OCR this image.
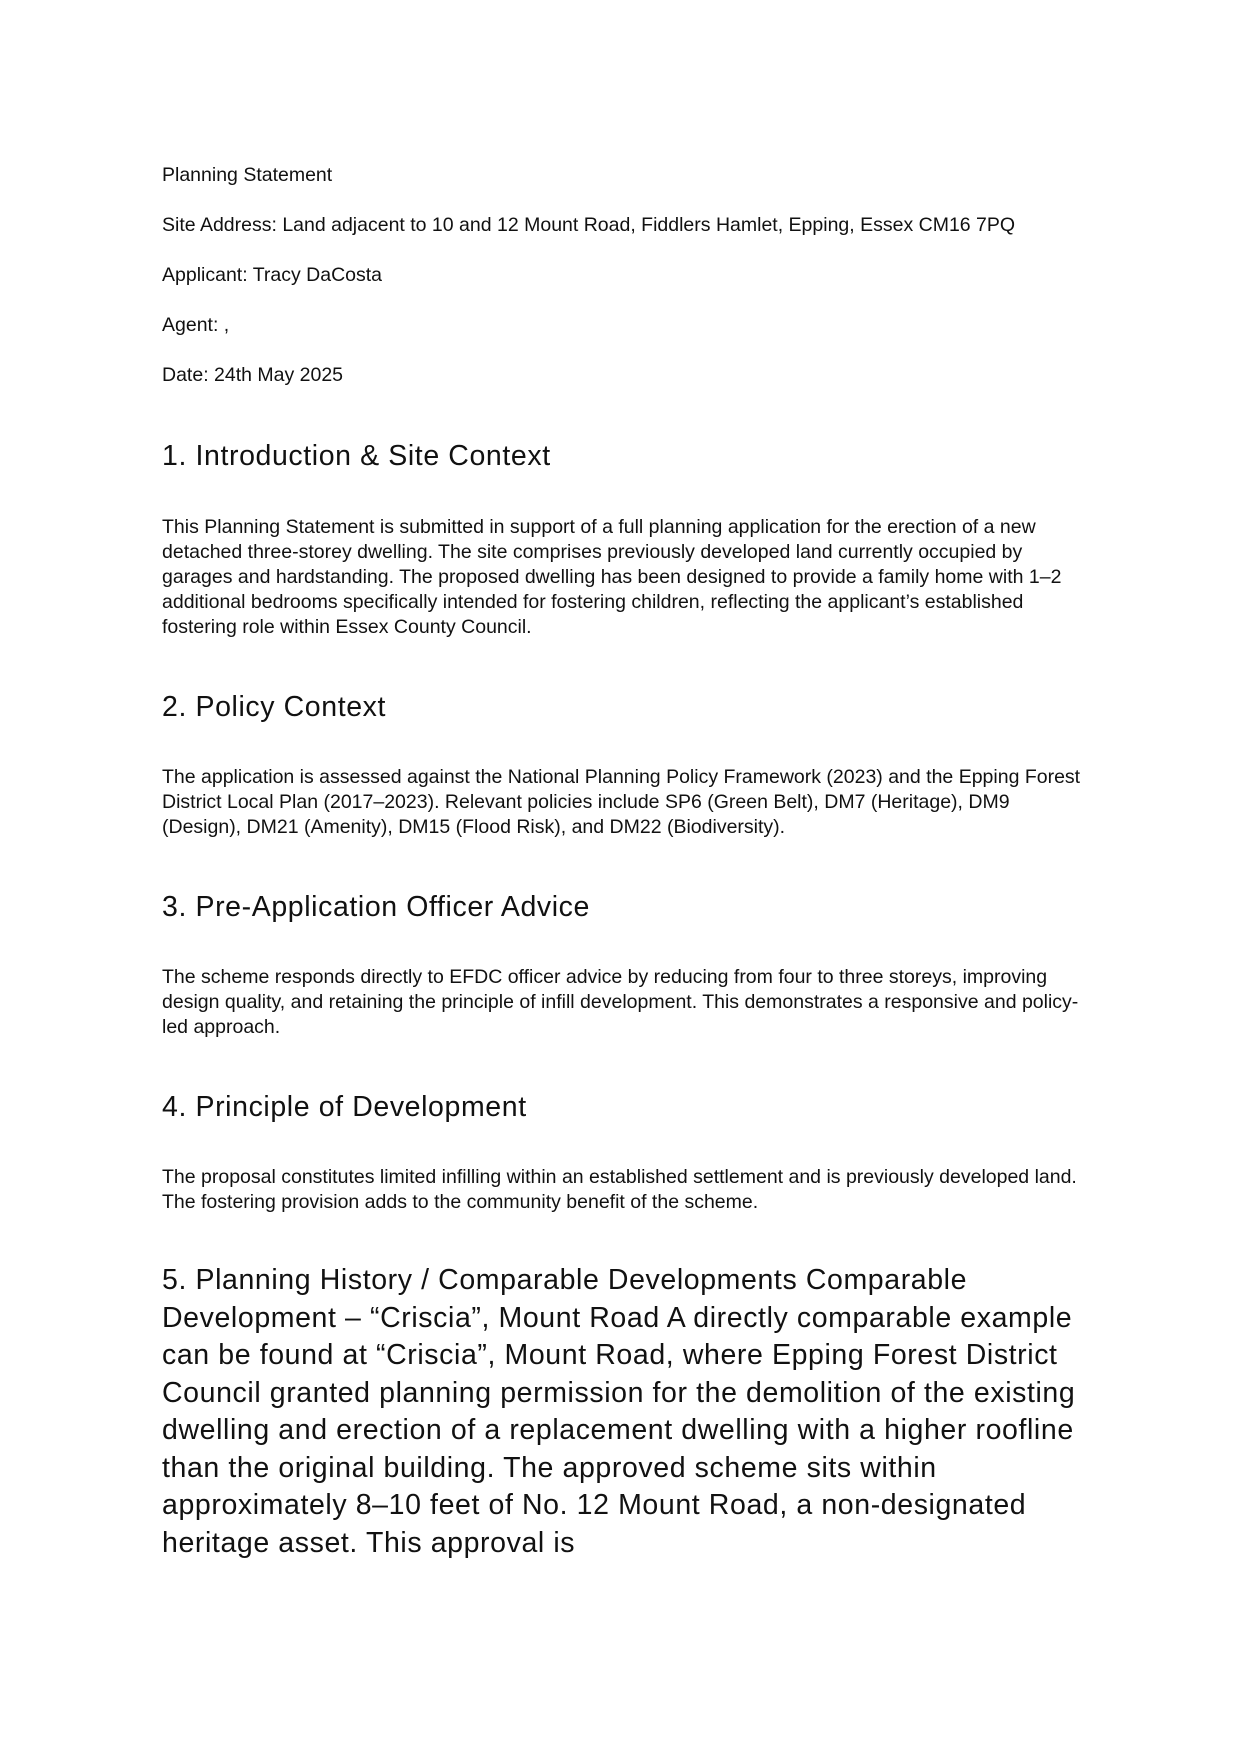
Planning Statement
Site Address: Land adjacent to 10 and 12 Mount Road, Fiddlers Hamlet, Epping, Essex CM16 7PQ
Applicant: Tracy DaCosta
Agent: ,
Date: 24th May 2025
1. Introduction & Site Context

This Planning Statement is submitted in support of a full planning application for the erection of a new detached three-storey dwelling. The site comprises previously developed land currently occupied by garages and hardstanding. The proposed dwelling has been designed to provide a family home with 1–2 additional bedrooms specifically intended for fostering children, reflecting the applicant’s established fostering role within Essex County Council.

2. Policy Context

The application is assessed against the National Planning Policy Framework (2023) and the Epping Forest District Local Plan (2017–2023). Relevant policies include SP6 (Green Belt), DM7 (Heritage), DM9 (Design), DM21 (Amenity), DM15 (Flood Risk), and DM22 (Biodiversity).

3. Pre-Application Officer Advice

The scheme responds directly to EFDC officer advice by reducing from four to three storeys, improving design quality, and retaining the principle of infill development. This demonstrates a responsive and policy-led approach.

4. Principle of Development

The proposal constitutes limited infilling within an established settlement and is previously developed land. The fostering provision adds to the community benefit of the scheme.

5. Planning History / Comparable Developments Comparable Development – “Criscia”, Mount Road A directly comparable example can be found at “Criscia”, Mount Road, where Epping Forest District Council granted planning permission for the demolition of the existing dwelling and erection of a replacement dwelling with a higher roofline than the original building. The approved scheme sits within approximately 8–10 feet of No. 12 Mount Road, a non-designated heritage asset. This approval is
